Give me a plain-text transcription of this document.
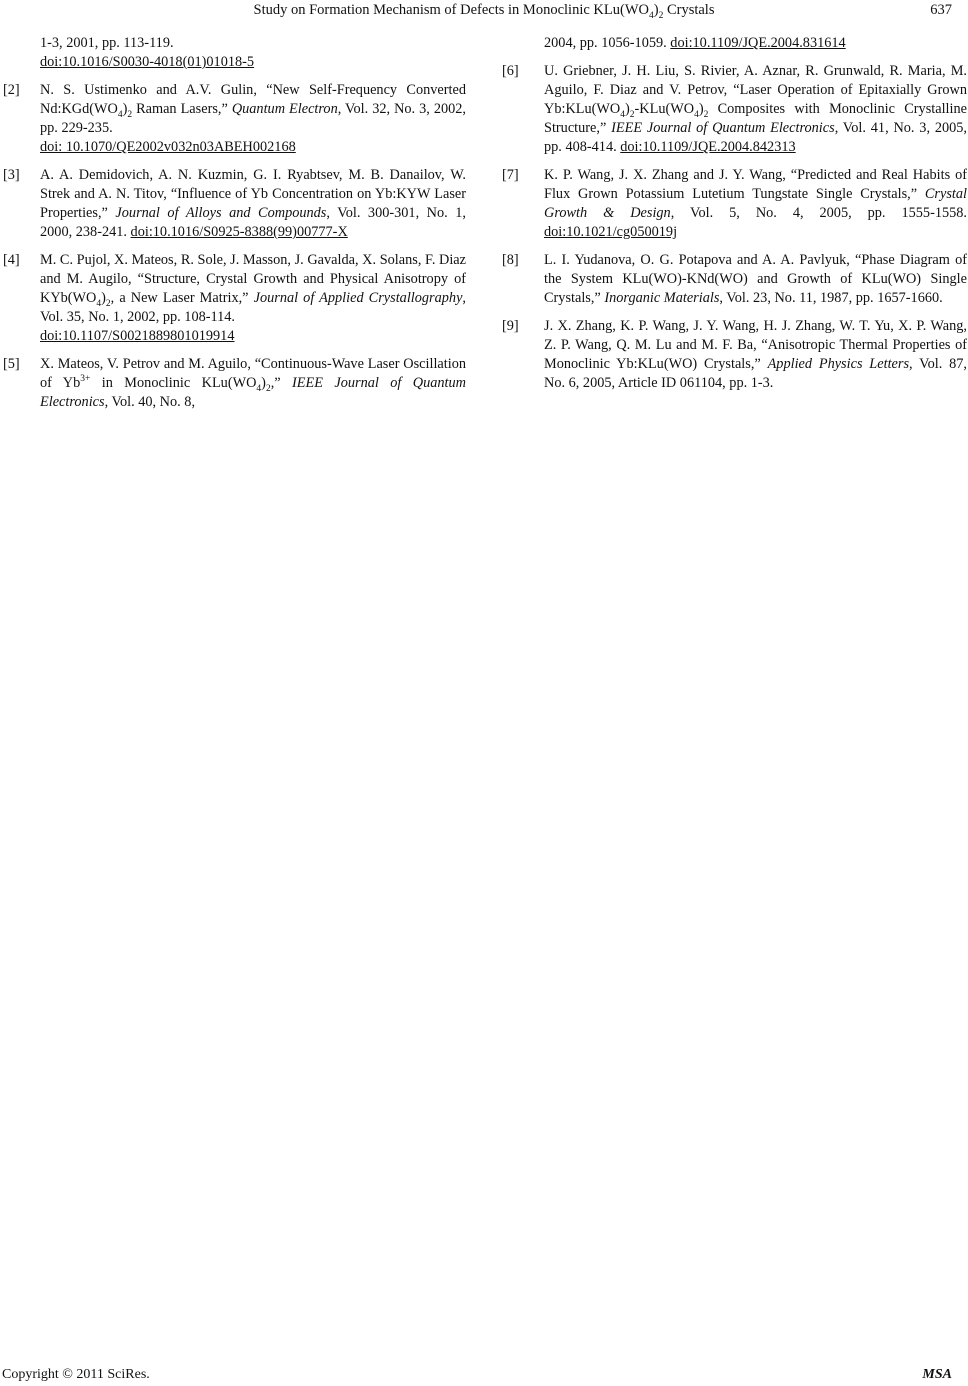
Study on Formation Mechanism of Defects in Monoclinic $KLu(WO_4)_2$ Crystals	637
1-3, 2001, pp. 113-119.
doi:10.1016/S0030-4018(01)01018-5
[2] N. S. Ustimenko and A.V. Gulin, “New Self-Frequency Converted $Nd:KGd(WO_4)_2$ Raman Lasers,” Quantum Electron, Vol. 32, No. 3, 2002, pp. 229-235.
doi: 10.1070/QE2002v032n03ABEH002168
[3] A. A. Demidovich, A. N. Kuzmin, G. I. Ryabtsev, M. B. Danailov, W. Strek and A. N. Titov, “Influence of Yb Concentration on Yb:KYW Laser Properties,” Journal of Alloys and Compounds, Vol. 300-301, No. 1, 2000, 238-241. doi:10.1016/S0925-8388(99)00777-X
[4] M. C. Pujol, X. Mateos, R. Sole, J. Masson, J. Gavalda, X. Solans, F. Diaz and M. Augilo, “Structure, Crystal Growth and Physical Anisotropy of $KYb(WO_4)_2$, a New Laser Matrix,” Journal of Applied Crystallography, Vol. 35, No. 1, 2002, pp. 108-114.
doi:10.1107/S0021889801019914
[5] X. Mateos, V. Petrov and M. Aguilo, “Continuous-Wave Laser Oscillation of $Yb^{3+}$ in Monoclinic $KLu(WO_4)_2$,” IEEE Journal of Quantum Electronics, Vol. 40, No. 8,
2004, pp. 1056-1059. doi:10.1109/JQE.2004.831614
[6] U. Griebner, J. H. Liu, S. Rivier, A. Aznar, R. Grunwald, R. Maria, M. Aguilo, F. Diaz and V. Petrov, “Laser Operation of Epitaxially Grown $Yb:KLu(WO_4)_2-KLu(WO_4)_2$ Composites with Monoclinic Crystalline Structure,” IEEE Journal of Quantum Electronics, Vol. 41, No. 3, 2005, pp. 408-414. doi:10.1109/JQE.2004.842313
[7] K. P. Wang, J. X. Zhang and J. Y. Wang, “Predicted and Real Habits of Flux Grown Potassium Lutetium Tungstate Single Crystals,” Crystal Growth & Design, Vol. 5, No. 4, 2005, pp. 1555-1558. doi:10.1021/cg050019j
[8] L. I. Yudanova, O. G. Potapova and A. A. Pavlyuk, “Phase Diagram of the System KLu(WO)-KNd(WO) and Growth of KLu(WO) Single Crystals,” Inorganic Materials, Vol. 23, No. 11, 1987, pp. 1657-1660.
[9] J. X. Zhang, K. P. Wang, J. Y. Wang, H. J. Zhang, W. T. Yu, X. P. Wang, Z. P. Wang, Q. M. Lu and M. F. Ba, “Anisotropic Thermal Properties of Monoclinic Yb:KLu(WO) Crystals,” Applied Physics Letters, Vol. 87, No. 6, 2005, Article ID 061104, pp. 1-3.
Copyright © 2011 SciRes.	MSA
